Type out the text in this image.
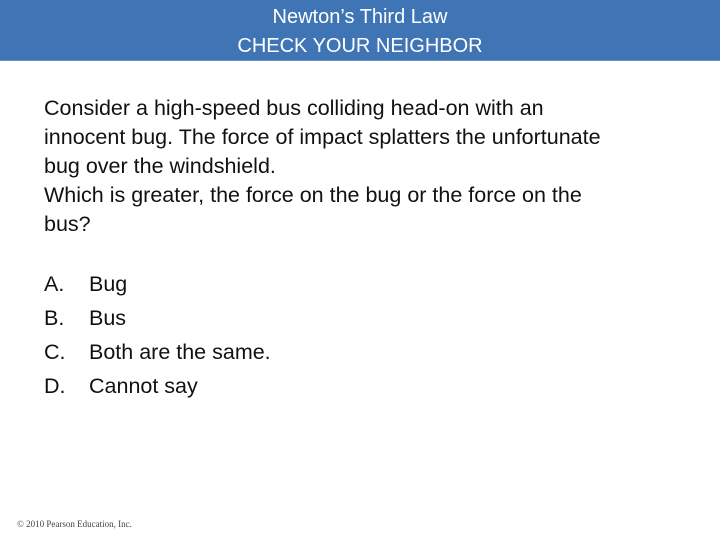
Newton’s Third Law
CHECK YOUR NEIGHBOR
Consider a high-speed bus colliding head-on with an
innocent bug. The force of impact splatters the unfortunate
bug over the windshield.
Which is greater, the force on the bug or the force on the
bus?
A. Bug
B. Bus
C. Both are the same.
D. Cannot say
© 2010 Pearson Education, Inc.
